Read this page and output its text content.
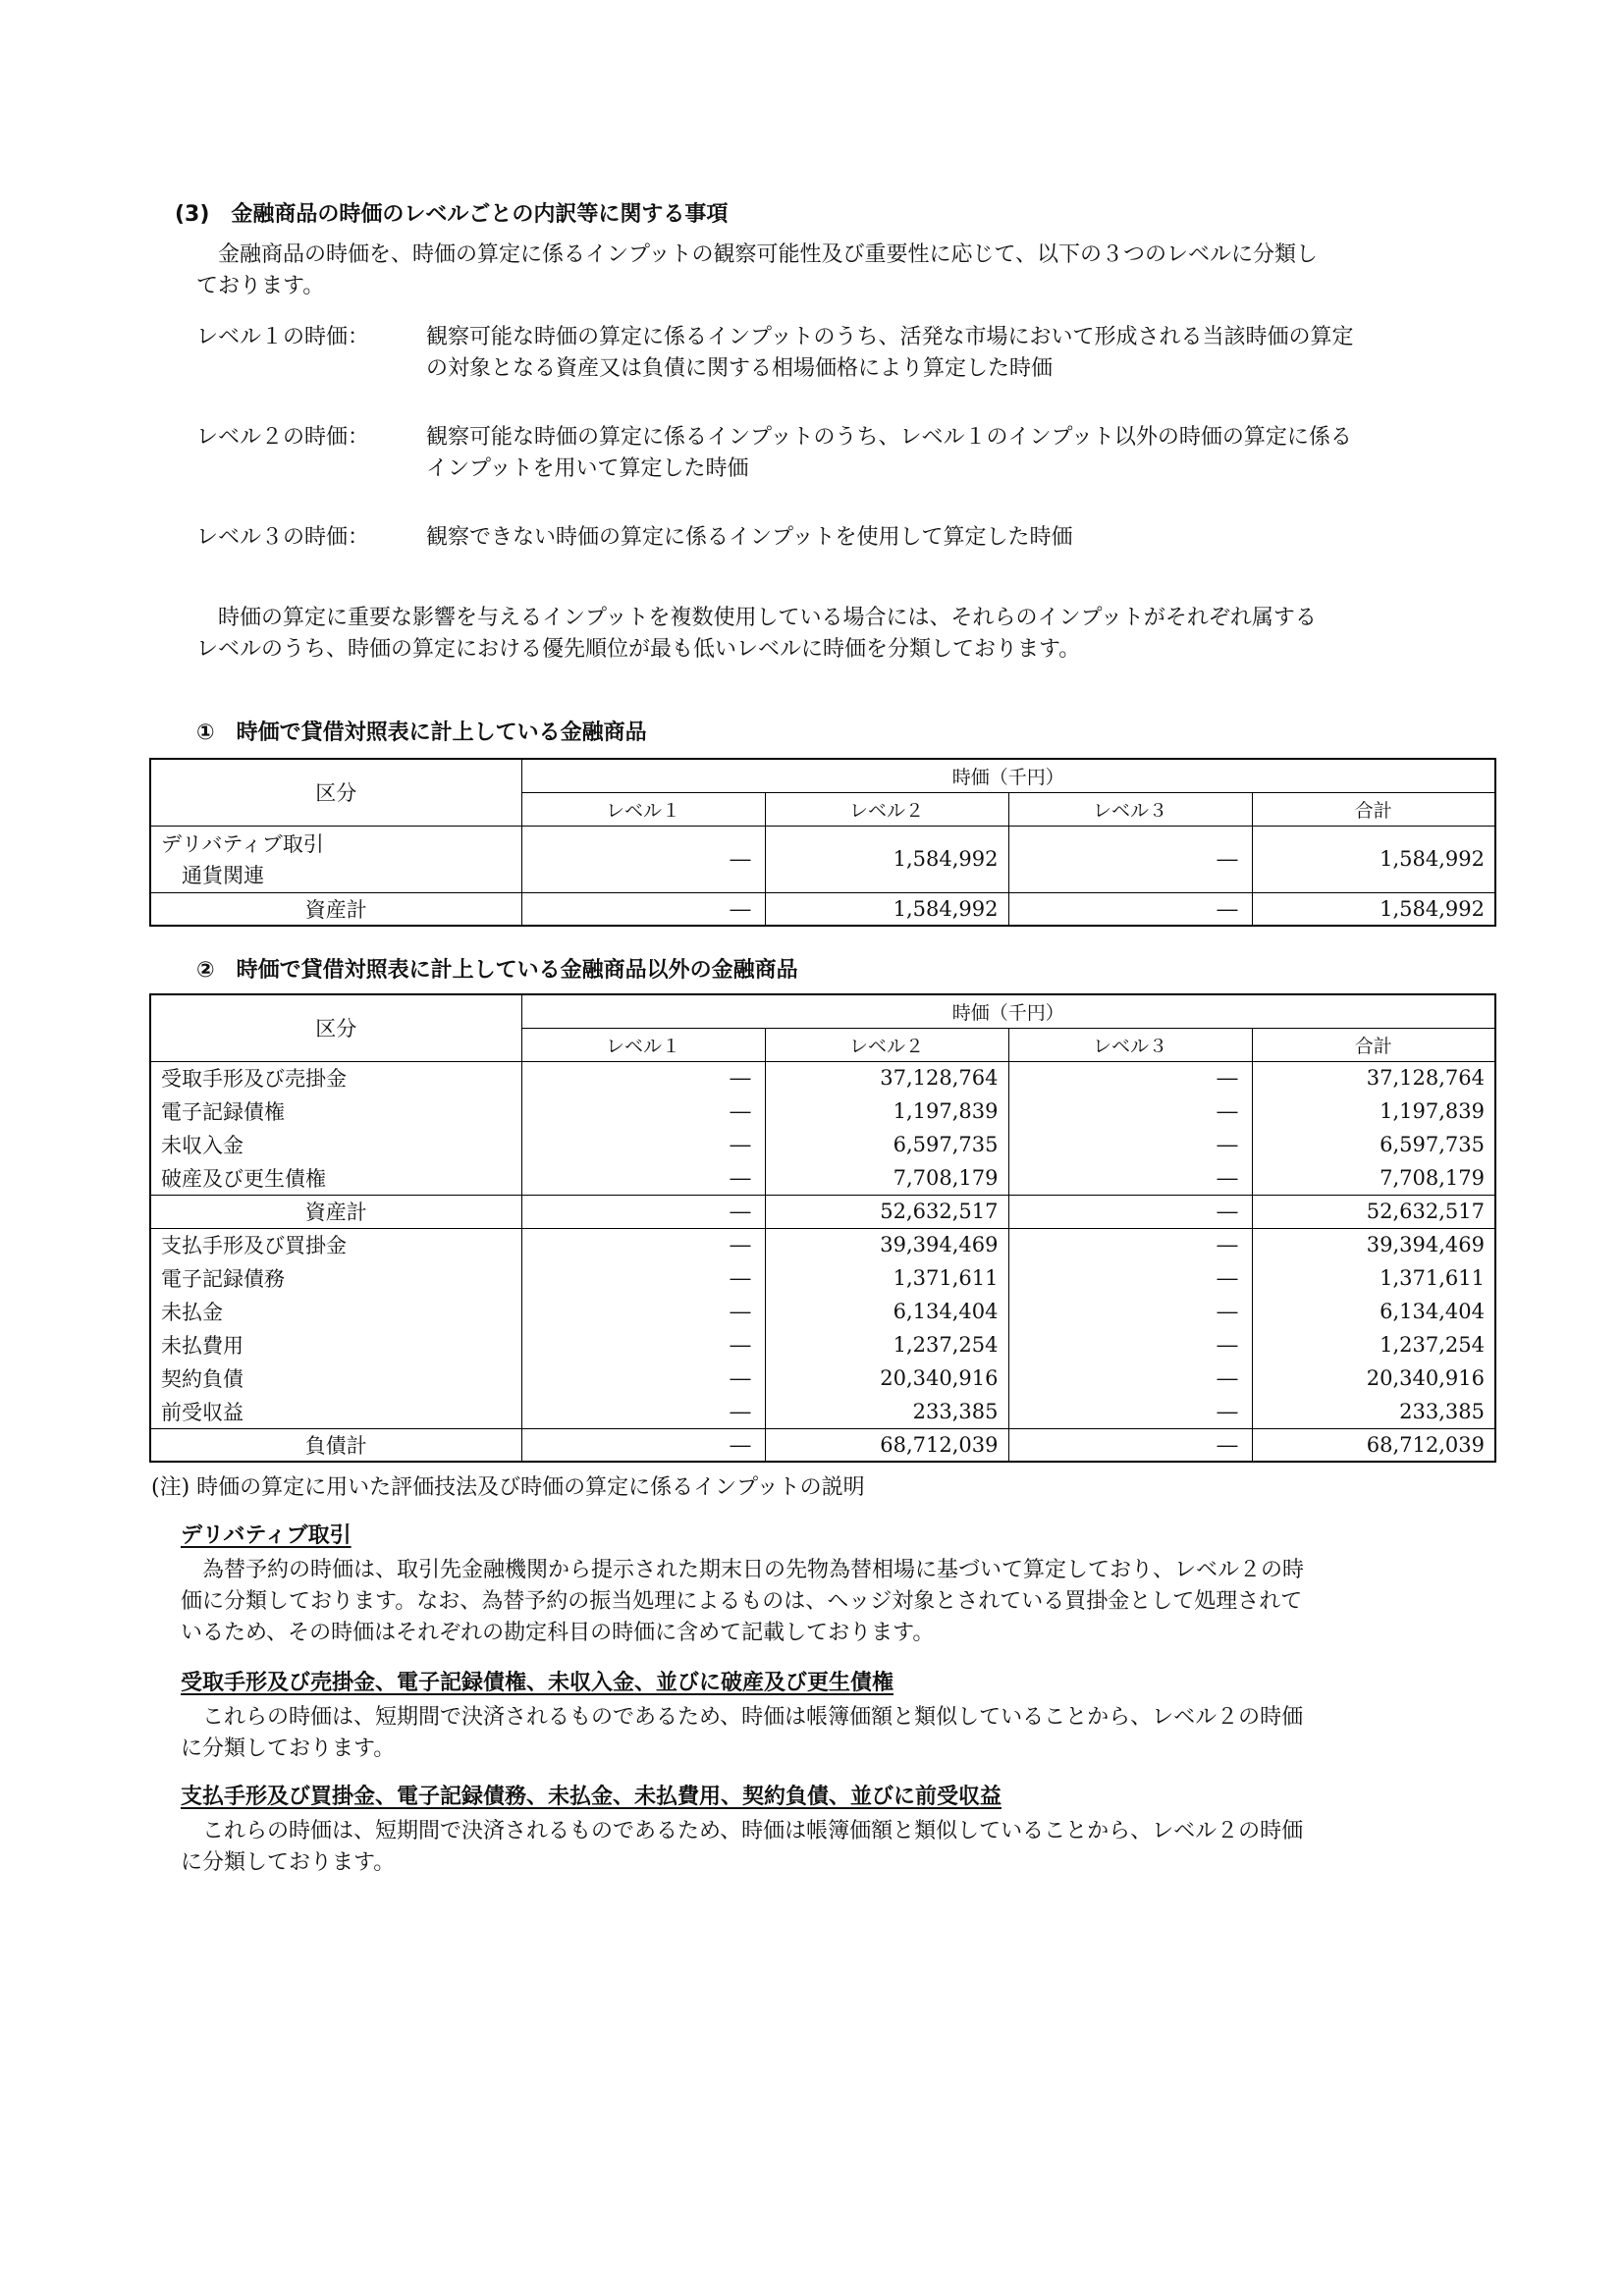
(3)　金融商品の時価のレベルごとの内訳等に関する事項
　金融商品の時価を、時価の算定に係るインプットの観察可能性及び重要性に応じて、以下の３つのレベルに分類し
ております。
レベル１の時価：	観察可能な時価の算定に係るインプットのうち、活発な市場において形成される当該時価の算定
の対象となる資産又は負債に関する相場価格により算定した時価
レベル２の時価：	観察可能な時価の算定に係るインプットのうち、レベル１のインプット以外の時価の算定に係る
インプットを用いて算定した時価
レベル３の時価：	観察できない時価の算定に係るインプットを使用して算定した時価
　時価の算定に重要な影響を与えるインプットを複数使用している場合には、それらのインプットがそれぞれ属する
レベルのうち、時価の算定における優先順位が最も低いレベルに時価を分類しております。
①　時価で貸借対照表に計上している金融商品
区分	時価（千円）			
	レベル１	レベル２	レベル３	合計

デリバティブ取引
　通貨関連	―	1,584,992	―	1,584,992
資産計	―	1,584,992	―	1,584,992
②　時価で貸借対照表に計上している金融商品以外の金融商品
区分	時価（千円）			
	レベル１	レベル２	レベル３	合計
受取手形及び売掛金	―	37,128,764	―	37,128,764
電子記録債権	―	1,197,839	―	1,197,839
未収入金	―	6,597,735	―	6,597,735
破産及び更生債権	―	7,708,179	―	7,708,179
資産計	―	52,632,517	―	52,632,517
支払手形及び買掛金	―	39,394,469	―	39,394,469
電子記録債務	―	1,371,611	―	1,371,611
未払金	―	6,134,404	―	6,134,404
未払費用	―	1,237,254	―	1,237,254
契約負債	―	20,340,916	―	20,340,916
前受収益	―	233,385	―	233,385
負債計	―	68,712,039	―	68,712,039
(注) 時価の算定に用いた評価技法及び時価の算定に係るインプットの説明
デリバティブ取引
　為替予約の時価は、取引先金融機関から提示された期末日の先物為替相場に基づいて算定しており、レベル２の時
価に分類しております。なお、為替予約の振当処理によるものは、ヘッジ対象とされている買掛金として処理されて
いるため、その時価はそれぞれの勘定科目の時価に含めて記載しております。
受取手形及び売掛金、電子記録債権、未収入金、並びに破産及び更生債権
　これらの時価は、短期間で決済されるものであるため、時価は帳簿価額と類似していることから、レベル２の時価
に分類しております。
支払手形及び買掛金、電子記録債務、未払金、未払費用、契約負債、並びに前受収益
　これらの時価は、短期間で決済されるものであるため、時価は帳簿価額と類似していることから、レベル２の時価
に分類しております。
